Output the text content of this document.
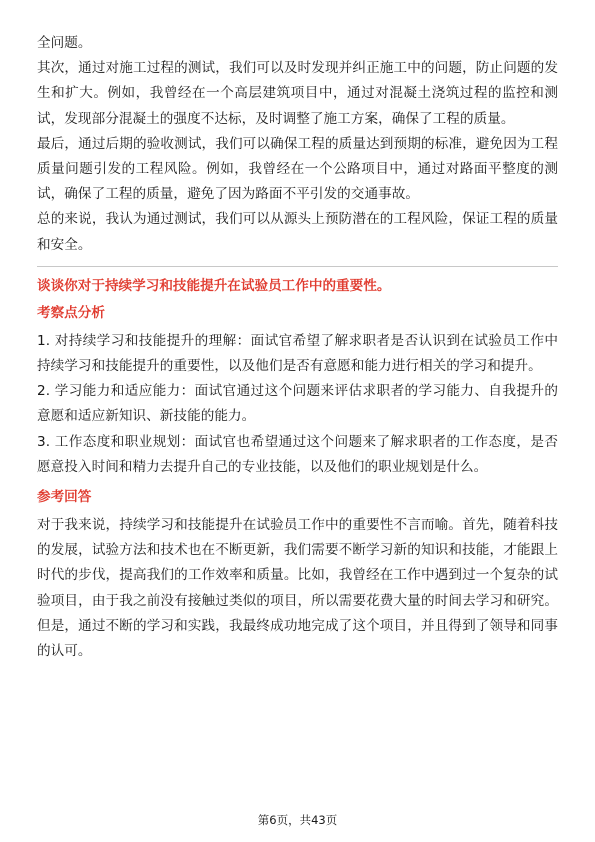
全问题。

其次，通过对施工过程的测试，我们可以及时发现并纠正施工中的问题，防止问题的发生和扩大。例如，我曾经在一个高层建筑项目中，通过对混凝土浇筑过程的监控和测试，发现部分混凝土的强度不达标，及时调整了施工方案，确保了工程的质量。

最后，通过后期的验收测试，我们可以确保工程的质量达到预期的标准，避免因为工程质量问题引发的工程风险。例如，我曾经在一个公路项目中，通过对路面平整度的测试，确保了工程的质量，避免了因为路面不平引发的交通事故。

总的来说，我认为通过测试，我们可以从源头上预防潜在的工程风险，保证工程的质量和安全。

谈谈你对于持续学习和技能提升在试验员工作中的重要性。

考察点分析

1. 对持续学习和技能提升的理解：面试官希望了解求职者是否认识到在试验员工作中持续学习和技能提升的重要性，以及他们是否有意愿和能力进行相关的学习和提升。

2. 学习能力和适应能力：面试官通过这个问题来评估求职者的学习能力、自我提升的意愿和适应新知识、新技能的能力。

3. 工作态度和职业规划：面试官也希望通过这个问题来了解求职者的工作态度，是否愿意投入时间和精力去提升自己的专业技能，以及他们的职业规划是什么。

参考回答

对于我来说，持续学习和技能提升在试验员工作中的重要性不言而喻。首先，随着科技的发展，试验方法和技术也在不断更新，我们需要不断学习新的知识和技能，才能跟上时代的步伐，提高我们的工作效率和质量。比如，我曾经在工作中遇到过一个复杂的试验项目，由于我之前没有接触过类似的项目，所以需要花费大量的时间去学习和研究。但是，通过不断的学习和实践，我最终成功地完成了这个项目，并且得到了领导和同事的认可。

第6页，共43页
